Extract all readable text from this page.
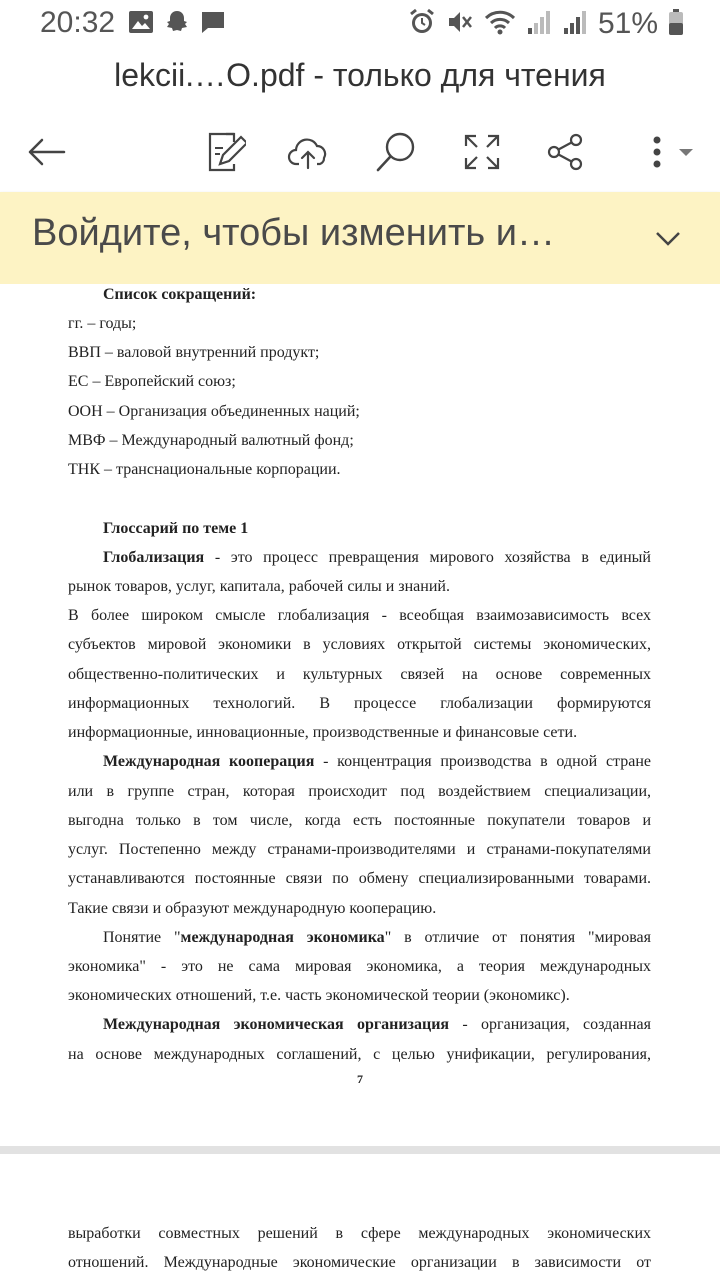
20:32	51%
lekcii.…O.pdf - только для чтения
Войдите, чтобы изменить и…
Список сокращений:
гг. – годы;
ВВП – валовой внутренний продукт;
ЕС – Европейский союз;
ООН – Организация объединенных наций;
МВФ – Международный валютный фонд;
ТНК – транснациональные корпорации.
Глоссарий по теме 1
Глобализация - это процесс превращения мирового хозяйства в единый
рынок товаров, услуг, капитала, рабочей силы и знаний.
В более широком смысле глобализация - всеобщая взаимозависимость всех
субъектов мировой экономики в условиях открытой системы экономических,
общественно-политических и культурных связей на основе современных
информационных технологий. В процессе глобализации формируются
информационные, инновационные, производственные и финансовые сети.
Международная кооперация - концентрация производства в одной стране
или в группе стран, которая происходит под воздействием специализации,
выгодна только в том числе, когда есть постоянные покупатели товаров и
услуг. Постепенно между странами-производителями и странами-покупателями
устанавливаются постоянные связи по обмену специализированными товарами.
Такие связи и образуют международную кооперацию.
Понятие "международная экономика" в отличие от понятия "мировая
экономика" - это не сама мировая экономика, а теория международных
экономических отношений, т.е. часть экономической теории (экономикс).
Международная экономическая организация - организация, созданная
на основе международных соглашений, с целью унификации, регулирования,
7
выработки совместных решений в сфере международных экономических
отношений. Международные экономические организации в зависимости от
